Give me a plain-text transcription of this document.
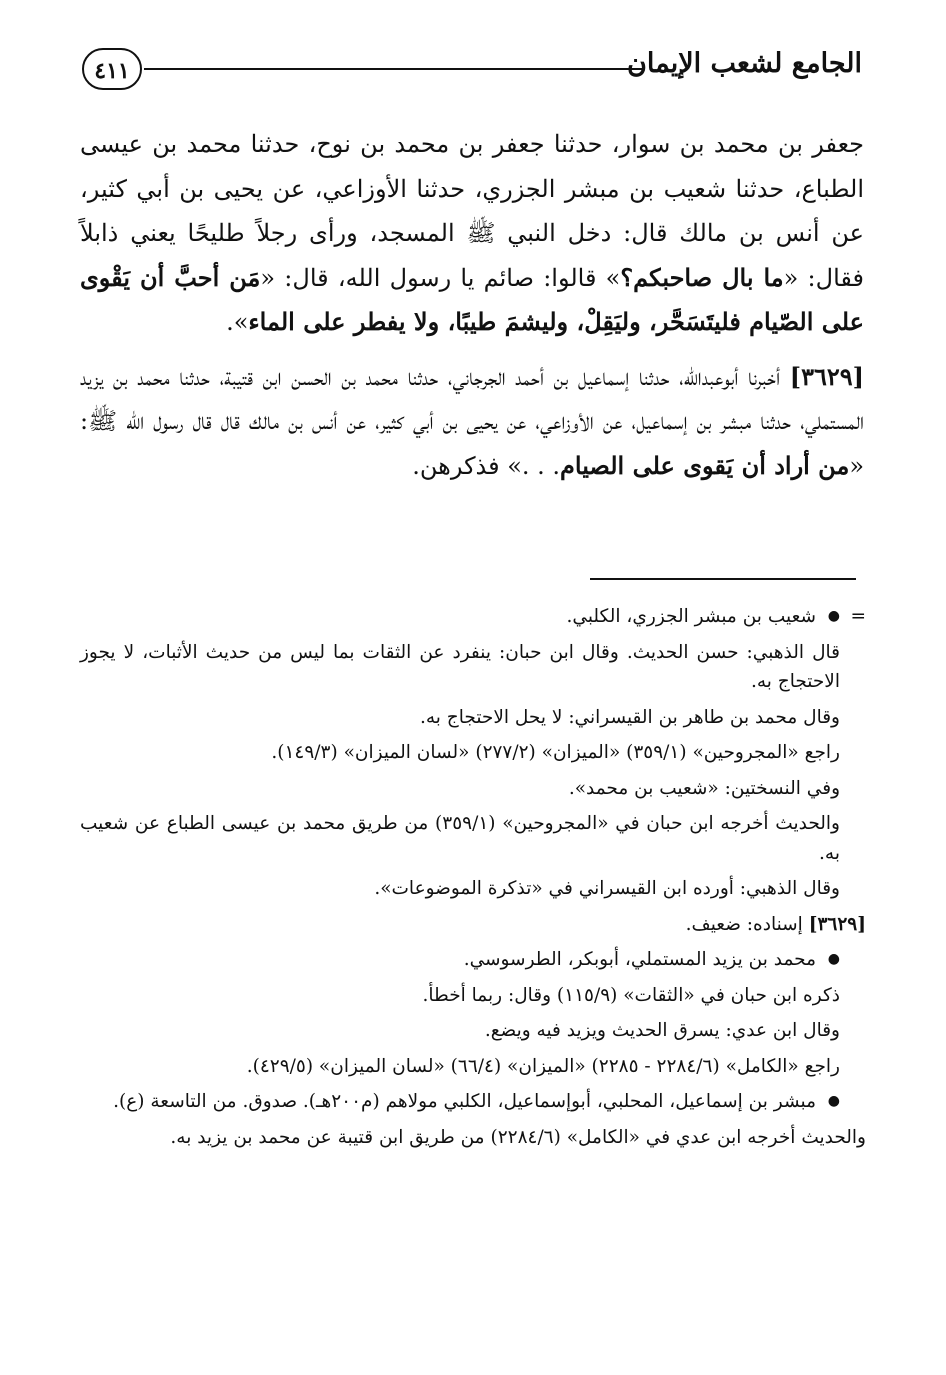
الجامع لشعب الإيمان
٤١١

جعفر بن محمد بن سوار، حدثنا جعفر بن محمد بن نوح، حدثنا محمد بن عيسى الطباع، حدثنا شعيب بن مبشر الجزري، حدثنا الأوزاعي، عن يحيى بن أبي كثير، عن أنس بن مالك قال: دخل النبي ﷺ المسجد، ورأى رجلاً طليحًا يعني ذابلاً فقال: «ما بال صاحبكم؟» قالوا: صائم يا رسول الله، قال: «مَن أحبَّ أن يَقْوى على الصّيام فليتَسَحَّر، وليَقِلْ، وليشمَ طيبًا، ولا يفطر على الماء».

[٣٦٢٩] أخبرنا أبوعبدالله، حدثنا إسماعيل بن أحمد الجرجاني، حدثنا محمد بن الحسن ابن قتيبة، حدثنا محمد بن يزيد المستملي، حدثنا مبشر بن إسماعيل، عن الأوزاعي، عن يحيى بن أبي كثير، عن أنس بن مالك قال قال رسول الله ﷺ: «من أراد أن يَقوى على الصيام. . .» فذكرهن.

=●شعيب بن مبشر الجزري، الكلبي.

قال الذهبي: حسن الحديث. وقال ابن حبان: ينفرد عن الثقات بما ليس من حديث الأثبات، لا يجوز الاحتجاج به.

وقال محمد بن طاهر بن القيسراني: لا يحل الاحتجاج به.

راجع «المجروحين» (٣٥٩/١) «الميزان» (٢٧٧/٢) «لسان الميزان» (١٤٩/٣).

وفي النسختين: «شعيب بن محمد».

والحديث أخرجه ابن حبان في «المجروحين» (٣٥٩/١) من طريق محمد بن عيسى الطباع عن شعيب به.

وقال الذهبي: أورده ابن القيسراني في «تذكرة الموضوعات».

[٣٦٢٩] إسناده: ضعيف.

●محمد بن يزيد المستملي، أبوبكر، الطرسوسي.

ذكره ابن حبان في «الثقات» (١١٥/٩) وقال: ربما أخطأ.

وقال ابن عدي: يسرق الحديث ويزيد فيه ويضع.

راجع «الكامل» (٢٢٨٤/٦ - ٢٢٨٥) «الميزان» (٦٦/٤) «لسان الميزان» (٤٢٩/٥).

●مبشر بن إسماعيل، المحلبي، أبوإسماعيل، الكلبي مولاهم (م٢٠٠هـ). صدوق. من التاسعة (ع).

والحديث أخرجه ابن عدي في «الكامل» (٢٢٨٤/٦) من طريق ابن قتيبة عن محمد بن يزيد به.
